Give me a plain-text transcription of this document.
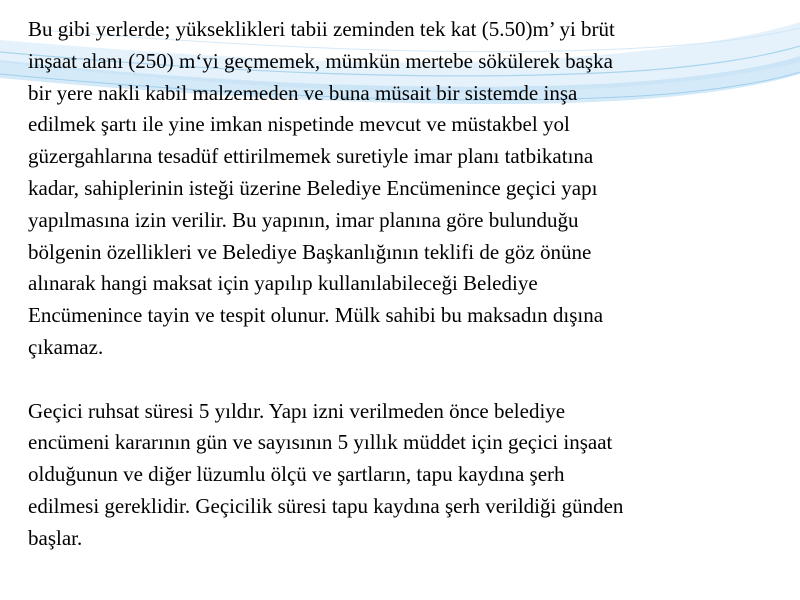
Bu gibi yerlerde; yükseklikleri tabii zeminden tek kat (5.50)m’ yi brüt
inşaat alanı (250) m‘yi geçmemek, mümkün mertebe sökülerek başka
bir yere nakli kabil malzemeden ve buna müsait bir sistemde inşa
edilmek şartı ile yine imkan nispetinde mevcut ve müstakbel yol
güzergahlarına tesadüf ettirilmemek suretiyle imar planı tatbikatına
kadar, sahiplerinin isteği üzerine Belediye Encümenince geçici yapı
yapılmasına izin verilir. Bu yapının, imar planına göre bulunduğu
bölgenin özellikleri ve Belediye Başkanlığının teklifi de göz önüne
alınarak hangi maksat için yapılıp kullanılabileceği Belediye
Encümenince tayin ve tespit olunur. Mülk sahibi bu maksadın dışına
çıkamaz.

Geçici ruhsat süresi 5 yıldır. Yapı izni verilmeden önce belediye
encümeni kararının gün ve sayısının 5 yıllık müddet için geçici inşaat
olduğunun ve diğer lüzumlu ölçü ve şartların, tapu kaydına şerh
edilmesi gereklidir. Geçicilik süresi tapu kaydına şerh verildiği günden
başlar.
